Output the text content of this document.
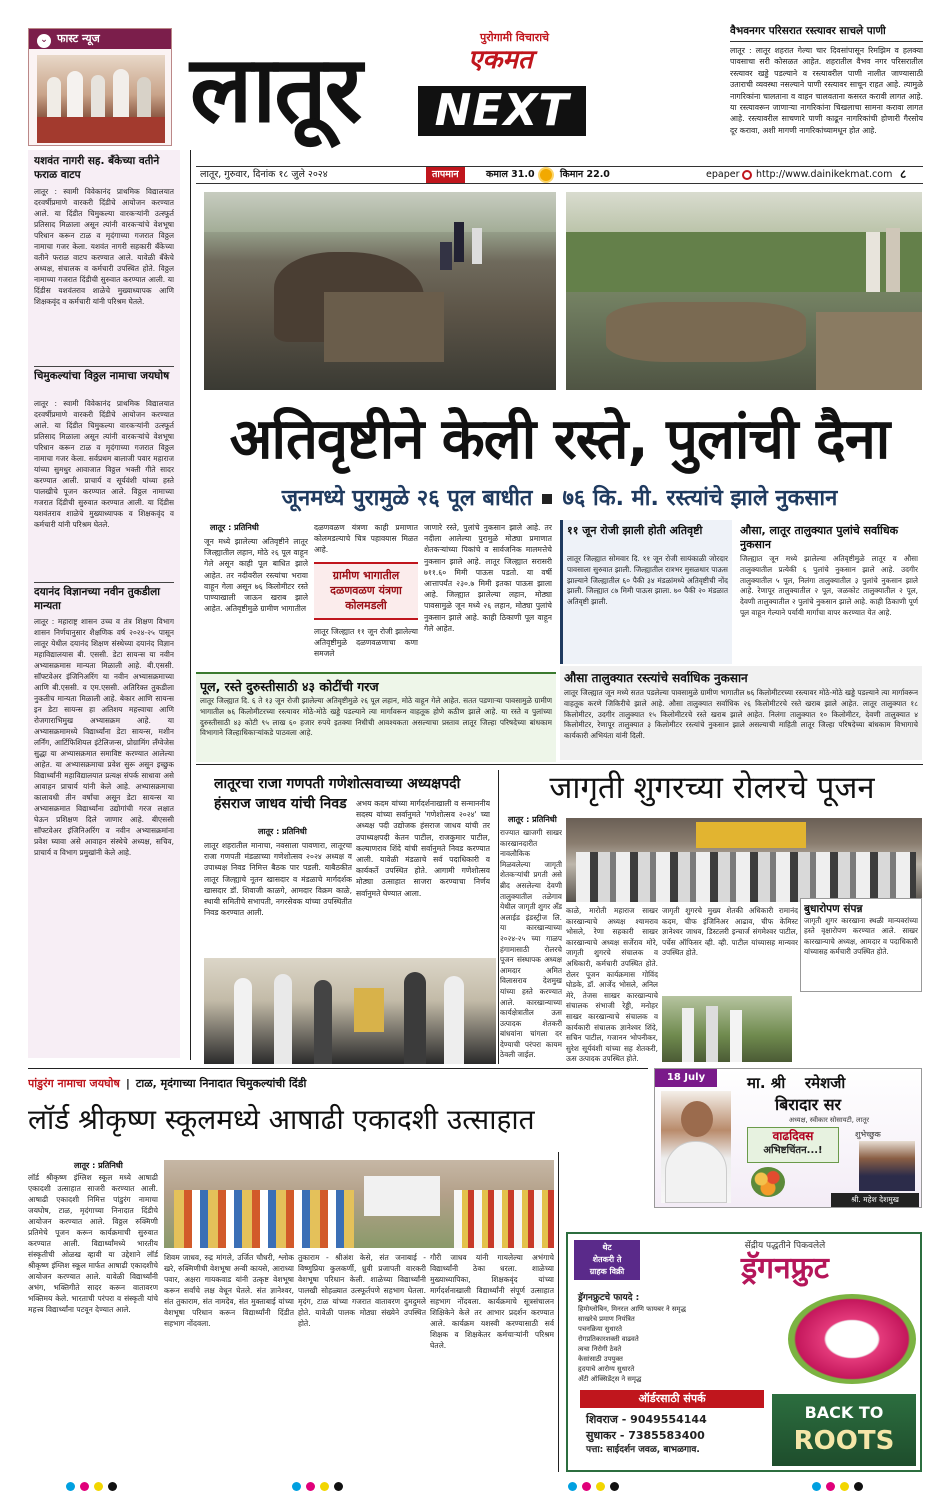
⌄ फास्ट न्यूज लातूर	NEXT
पुरोगामी विचाराचे
एकमत
वैभवनगर परिसरात रस्त्यावर साचले पाणी
लातूर : लातूर शहरात गेल्या चार दिवसांपासून रिमझिम व हलक्या पावसाचा सरी कोसळत आहेत. शहरातील वैभव नगर परिसरातील रस्त्यावर खड्डे पडल्याने व रस्त्यावरील पाणी नालीत जाण्यासाठी उताराची व्यवस्था नसल्याने पाणी रस्त्यावर साचून राहत आहे. त्यामुळे नागरिकांना चालताना व वाहन चालवताना कसरत करावी लागत आहे. या रस्त्यावरून जाणाऱ्या नागरिकांना चिखलाचा सामना करावा लागत आहे. रस्त्यावरील साचणारे पाणी काढून नागरिकांची होणारी गैरसोय दूर करावा, अशी मागणी नागरिकांच्यामधून होत आहे.
लातूर, गुरुवार, दिनांक १८ जुले २०२४	तापमान	कमाल 31.0	किमान 22.0	epaper http://www.dainikekmat.com ८
यशवंत नागरी सह. बँकेच्या वतीने फराळ वाटप
लातूर : स्वामी विवेकानंद प्राथमिक विद्यालयात दरवर्षीप्रमाणे वारकरी दिंडीचे आयोजन करण्यात आले. या दिंडीत चिमुकल्या वारकऱ्यांनी उत्स्फूर्त प्रतिसाद मिळाला असून त्यांनी वारकऱ्यांचे वेशभूषा परिधान करून टाळ व मृदंगाच्या गजरात विठ्ठल नामाचा गजर केला. यशवंत नागरी सहकारी बँकेच्या वतीने फराळ वाटप करण्यात आले. यावेळी बँकेचे अध्यक्ष, संचालक व कर्मचारी उपस्थित होते. विठ्ठल नामाच्या गजरात दिंडीची सुरुवात करण्यात आली. या दिंडीस यशवंतराव शाळेचे मुख्याध्यापक आणि शिक्षकवृंद व कर्मचारी यांनी परिश्रम घेतले.
चिमुकल्यांचा विठ्ठल नामाचा जयघोष
लातूर : स्वामी विवेकानंद प्राथमिक विद्यालयात दरवर्षीप्रमाणे वारकरी दिंडीचे आयोजन करण्यात आले. या दिंडीत चिमुकल्या वारकऱ्यांनी उत्स्फूर्त प्रतिसाद मिळाला असून त्यांनी वारकऱ्यांचे वेशभूषा परिधान करून टाळ व मृदंगाच्या गजरात विठ्ठल नामाचा गजर केला. सर्वप्रथम बालाजी पवार महाराज यांच्या सुमधुर आवाजात विठ्ठल भक्ती गीते सादर करण्यात आली. प्राचार्य व सूर्यवंशी यांच्या हस्ते पालखीचे पूजन करण्यात आले. विठ्ठल नामाच्या गजरात दिंडीची सुरुवात करण्यात आली. या दिंडीस यशवंतराव शाळेचे मुख्याध्यापक व शिक्षकवृंद व कर्मचारी यांनी परिश्रम घेतले.
दयानंद विज्ञानच्या नवीन तुकडीला मान्यता
लातूर : महाराष्ट्र शासन उच्च व तंत्र शिक्षण विभाग शासन निर्णयानुसार शैक्षणिक वर्ष २०२४-२५ पासून लातूर येथील दयानंद शिक्षण संस्थेच्या दयानंद विज्ञान महाविद्यालयास बी. एससी. डेटा सायन्स या नवीन अभ्यासक्रमास मान्यता मिळाली आहे. बी.एससी. सॉफ्टवेअर इंजिनिअरिंग या नवीन अभ्यासक्रमाच्या आणि बी.एससी. व एम.एससी. अतिरिक्त तुकडीला नुकतीच मान्यता मिळाली आहे. बेकार आणि सायन्स इन डेटा सायन्स हा अतिशय महत्त्वाचा आणि रोजगाराभिमुख अभ्यासक्रम आहे. या अभ्यासक्रमामध्ये विद्यार्थ्यांना डेटा सायन्स, मशीन लर्निंग, आर्टिफिशियल इंटेलिजन्स, प्रोग्रामिंग लँग्वेजेस सुद्धा या अभ्यासक्रमात समाविष्ट करण्यात आलेल्या आहेत. या अभ्यासक्रमाचा प्रवेश सुरू असून इच्छुक विद्यार्थ्यांनी महाविद्यालयात प्रत्यक्ष संपर्क साधावा असे आवाहन प्राचार्य यांनी केले आहे. अभ्यासक्रमाचा कालावधी तीन वर्षांचा असून डेटा सायन्स या अभ्यासक्रमात विद्यार्थ्यांना उद्योगांची गरज लक्षात घेऊन प्रशिक्षण दिले जाणार आहे. बीएससी सॉफ्टवेअर इंजिनिअरिंग व नवीन अभ्यासक्रमांना प्रवेश घ्यावा असे आवाहन संस्थेचे अध्यक्ष, सचिव, प्राचार्य व विभाग प्रमुखांनी केले आहे.
अतिवृष्टीने केली रस्ते, पुलांची दैना
जूनमध्ये पुरामुळे २६ पूल बाधीत ७६ कि. मी. रस्त्यांचे झाले नुकसान
लातूर : प्रतिनिधी
जून मध्ये झालेल्या अतिवृष्टीने लातूर जिल्ह्यातील लहान, मोठे २६ पूल वाहून गेले असून काही पूल बाधित झाले आहेत. तर नदीवरील रस्त्यांचा भरावा वाहून गेला असून ७६ किलोमीटर रस्ते पाण्याखाली जाऊन खराब झाले आहेत. अतिवृष्टीमुळे ग्रामीण भागातील
दळणवळण यंत्रणा काही प्रमाणात कोलमडल्याचे चित्र पहावयास मिळत आहे.
ग्रामीण भागातील दळणवळण यंत्रणा कोलमडली
लातूर जिल्ह्यात ११ जून रोजी झालेल्या अतिवृष्टीमुळे दळणवळणाचा कणा समजले
जाणारे रस्ते, पुलांचे नुकसान झाले आहे. तर नदीला आलेल्या पुरामुळे मोठ्या प्रमाणात शेतकऱ्यांच्या पिकांचे व सार्वजनिक मालमत्तेचे नुकसान झाले आहे. लातूर जिल्ह्यात सरासरी ७११.६० मिमी पाऊस पडतो. या वर्षी आत्तापर्यंत २३०.७ मिमी इतका पाऊस झाला आहे. जिल्ह्यात झालेल्या लहान, मोठ्या पावसामुळे जून मध्ये २६ लहान, मोठ्या पुलांचे नुकसान झाले आहे. काही ठिकाणी पूल वाहून गेले आहेत.
११ जून रोजी झाली होती अतिवृष्टी
लातूर जिल्ह्यात सोमवार दि. ११ जून रोजी सायंकाळी जोरदार पावसाला सुरुवात झाली. जिल्ह्यातील रात्रभर मुसळधार पाऊस झाल्याने जिल्ह्यातील ६० पैकी ३४ मंडळांमध्ये अतिवृष्टीची नोंद झाली. जिल्ह्यात ८७ मिमी पाऊस झाला. ७० पैकी २० मंडळात अतिवृष्टी झाली.
औसा, लातूर तालुक्यात पुलांचे सर्वाधिक नुकसान
जिल्ह्यात जून मध्ये झालेल्या अतिवृष्टीमुळे लातूर व औसा तालुक्यातील प्रत्येकी ६ पुलांचे नुकसान झाले आहे. उदगीर तालुक्यातील ५ पूल, निलंगा तालुक्यातील ३ पुलांचे नुकसान झाले आहे. रेणापूर तालुक्यातील २ पूल, जळकोट तालुक्यातील २ पूल, देवणी तालुक्यातील २ पुलांचे नुकसान झाले आहे. काही ठिकाणी पूर्ण पूल वाहून गेल्याने पर्यायी मार्गाचा वापर करण्यात येत आहे.
औसा तालुक्यात रस्त्यांचे सर्वाधिक नुकसान
लातूर जिल्ह्यात जून मध्ये सतत पडलेल्या पावसामुळे ग्रामीण भागातील ७६ किलोमीटरच्या रस्त्यावर मोठे-मोठे खड्डे पडल्याने त्या मार्गावरून वाहतूक करणे जिकिरीचे झाले आहे. औसा तालुक्यात सर्वाधिक २६ किलोमीटरचे रस्ते खराब झाले आहेत. लातूर तालुक्यात १८ किलोमीटर, उदगीर तालुक्यात १५ किलोमीटरचे रस्ते खराब झाले आहेत. निलंगा तालुक्यात १० किलोमीटर, देवणी तालुक्यात ४ किलोमीटर, रेणापूर तालुक्यात ३ किलोमीटर रस्त्यांचे नुकसान झाले असल्याची माहिती लातूर जिल्हा परिषदेच्या बांधकाम विभागाचे कार्यकारी अभियंता यांनी दिली.
पूल, रस्ते दुरुस्तीसाठी ४३ कोटींची गरज
लातूर जिल्ह्यात दि. ६ ते १३ जून रोजी झालेल्या अतिवृष्टीमुळे २६ पूल लहान, मोठे वाहून गेले आहेत. सतत पडणाऱ्या पावसामुळे ग्रामीण भागातील ७६ किलोमीटरच्या रस्त्यावर मोठे-मोठे खड्डे पडल्याने त्या मार्गावरून वाहतूक होणे कठीण झाले आहे. या रस्ते व पुलांच्या दुरुस्तीसाठी ४३ कोटी ९५ लाख ६० हजार रुपये इतक्या निधीची आवश्यकता असल्याचा प्रस्ताव लातूर जिल्हा परिषदेच्या बांधकाम विभागाने जिल्हाधिकाऱ्यांकडे पाठवला आहे.
लातूरचा राजा गणपती गणेशोत्सवाच्या अध्यक्षपदी हंसराज जाधव यांची निवड
लातूर : प्रतिनिधी
लातूर शहरातील मानाचा, नवसाला पावणारा, लातूरचा राजा गणपती मंडळाच्या गणेशोत्सव २०२४ अध्यक्ष व उपाध्यक्ष निवड निमित्त बैठक पार पडली. याबैठकीत लातूर जिल्ह्याचे नूतन खासदार व मंडळाचे मार्गदर्शक खासदार डॉ. शिवाजी काळगे, आमदार विक्रम काळे, स्थायी समितीचे सभापती, नगरसेवक यांच्या उपस्थितीत निवड करण्यात आली.
अभय कदम यांच्या मार्गदर्शनाखाली व सन्माननीय सदस्य यांच्या सर्वानुमते 'गणेशोत्सव २०२४' च्या अध्यक्ष पदी उद्योजक हंसराज जाधव यांची तर उपाध्यक्षपदी केतन पाटील, राजकुमार पाटील, कल्याणराव शिंदे यांची सर्वानुमते निवड करण्यात आली. यावेळी मंडळाचे सर्व पदाधिकारी व कार्यकर्ते उपस्थित होते. आगामी गणेशोत्सव मोठ्या उत्साहात साजरा करण्याचा निर्णय सर्वानुमते घेण्यात आला.
जागृती शुगरच्या रोलरचे पूजन
लातूर : प्रतिनिधी
राज्यात खाजगी साखर कारखानदारीत नावलौकिक मिळवलेल्या जागृती शेतकऱ्यांची प्रगती असे ब्रीद असलेल्या देवणी तालुक्यातील तळेगाव येथील जागृती शुगर अँड अलाईड इंडस्ट्रीज लि. या कारखान्याच्या २०२४-२५ च्या गाळप हंगामासाठी रोलरचे पूजन संस्थापक अध्यक्ष आमदार अमित विलासराव देशमुख यांच्या हस्ते करण्यात आले. कारखान्याच्या कार्यक्षेत्रातील ऊस उत्पादक शेतकरी बांधवांना चांगला दर देण्याची परंपरा कायम ठेवली जाईल.
काळे, मारोती महाराज साखर कारखान्याचे अध्यक्ष श्यामराव भोसले, रेणा सहकारी साखर कारखान्याचे अध्यक्ष सर्जेराव मोरे, जागृती शुगरचे संचालक व अधिकारी, कर्मचारी उपस्थित होते. रोलर पूजन कार्यक्रमास गोविंद घोडके, डॉ. आर्जेद भोसले, अनिल मेरे, तेजस साखर कारखान्याचे संचालक संभाजी रेड्डी, मनोहर साखर कारखान्याचे संचालक व कार्यकारी संचालक ज्ञानेश्वर शिंदे, सचिन पाटील, गजानन भोपनीकर, सुरेश सूर्यवंशी यांच्या सह शेतकरी, ऊस उत्पादक उपस्थित होते.
जागृती शुगरचे मुख्य शेतकी अधिकारी रामानंद कदम, चीफ इंजिनिअर आढाव, चीफ केमिस्ट ज्ञानेश्वर जाधव, डिस्टलरी इन्चार्ज संगमेश्वर पाटील, पर्चेस ऑफिसर व्ही. व्ही. पाटील यांच्यासह मान्यवर उपस्थित होते.
बुधारोपण संपन्न
जागृती शुगर कारखाना स्थळी मान्यवरांच्या हस्ते वृक्षारोपण करण्यात आले. साखर कारखान्याचे अध्यक्ष, आमदार व पदाधिकारी यांच्यासह कर्मचारी उपस्थित होते.
18 July	मा. श्री रमेशजी
बिरादार सर
अध्यक्ष, स्वीकार सोसायटी, लातूर
वाढदिवस
अभिष्टचिंतन...!
शुभेच्छुक
श्री. महेश देशमुख
पांडुरंग नामाचा जयघोष | टाळ, मृदंगाच्या निनादात चिमुकल्यांची दिंडी
लॉर्ड श्रीकृष्ण स्कूलमध्ये आषाढी एकादशी उत्साहात
लातूर : प्रतिनिधी
लॉर्ड श्रीकृष्ण इंग्लिश स्कूल मध्ये आषाढी एकादशी उत्साहात साजरी करण्यात आली. आषाढी एकादशी निमित्त पांडुरंग नामाचा जयघोष, टाळ, मृदंगाच्या निनादात दिंडीचे आयोजन करण्यात आले. विठ्ठल रुक्मिणी प्रतिमेचे पूजन करून कार्यक्रमाची सुरुवात करण्यात आली. विद्यार्थ्यांमध्ये भारतीय संस्कृतीची ओळख व्हावी या उद्देशाने लॉर्ड श्रीकृष्ण इंग्लिश स्कूल मार्फत आषाढी एकादशीचे आयोजन करण्यात आले. यावेळी विद्यार्थ्यांनी अभंग, भक्तिगीते सादर करून वातावरण भक्तिमय केले. भारताची परंपरा व संस्कृती यांचे महत्त्व विद्यार्थ्यांना पटवून देण्यात आले.
शिवम जाधव, रुद्र मांगले, उर्जित चौधरी, श्लोक खरे, रुक्मिणीची वेशभूषा अन्वी कायसे, आराध्या पवार, अक्षरा गायकवाड यांनी उत्कृष्ट वेशभूषा करून सर्वांचे लक्ष वेधून घेतले. संत ज्ञानेश्वर, संत तुकाराम, संत नामदेव, संत मुक्ताबाई यांच्या वेशभूषा परिधान करून विद्यार्थ्यांनी दिंडीत सहभाग नोंदवला.
तुकाराम - श्रीअंश केसे, संत जनाबाई - विष्णुप्रिया कुलकर्णी, ध्रुवी प्रजापती वारकरी वेशभूषा परिधान केली. शाळेच्या विद्यार्थ्यांनी पालखी सोहळ्यात उत्स्फूर्तपणे सहभाग घेतला. मृदंग, टाळ यांच्या गजरात वातावरण दुमदुमले होते. यावेळी पालक मोठ्या संख्येने उपस्थित होते.
गौरी जाधव यांनी गायलेल्या अभंगाचे विद्यार्थ्यांनी ठेका धरला. शाळेच्या मुख्याध्यापिका, शिक्षकवृंद यांच्या मार्गदर्शनाखाली विद्यार्थ्यांनी संपूर्ण उत्साहात सहभाग नोंदवला. कार्यक्रमाचे सूत्रसंचालन शिक्षिकेने केले तर आभार प्रदर्शन करण्यात आले. कार्यक्रम यशस्वी करण्यासाठी सर्व शिक्षक व शिक्षकेतर कर्मचाऱ्यांनी परिश्रम घेतले.
थेट
शेतकरी ते
ग्राहक विक्री
सेंद्रीय पद्धतीने पिकवलेले
ड्रॅगनफ्रुट
ड्रॅगनफ्रुटचे फायदे :
हिमोग्लोबिन, मिनरल आणि फायबर ने समृद्ध
साखरेचे प्रमाण नियंत्रित
पचनक्रिया सुधारते
रोगप्रतिकारशक्ती वाढवते
त्वचा निरोगी ठेवते
केसांसाठी उपयुक्त
हृदयाचे आरोग्य सुधारते
अँटी ऑक्सिडेंट्स ने समृद्ध
ऑर्डरसाठी संपर्क
शिवराज - 9049554144
सुधाकर - 7385583400
पत्ता: साईदर्शन जवळ, बाभळगाव.
BACK TO
ROOTS
